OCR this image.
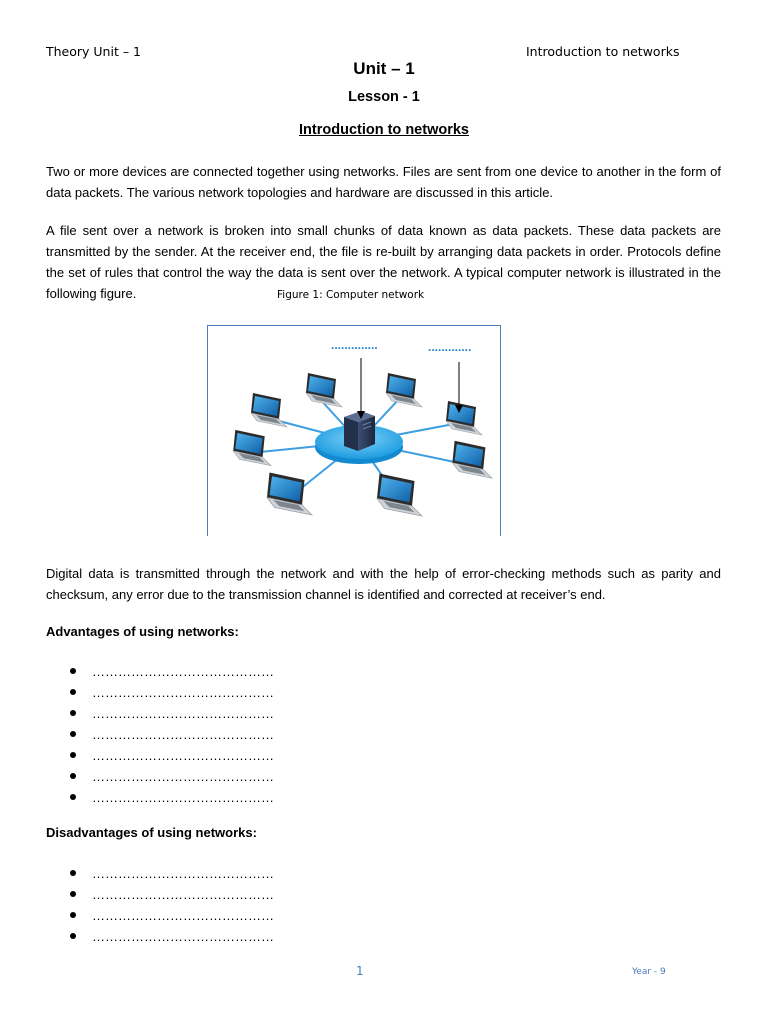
Theory Unit – 1	Introduction to networks
Unit – 1
Lesson - 1
Introduction to networks
Two or more devices are connected together using networks. Files are sent from one device to another in the form of data packets. The various network topologies and hardware are discussed in this article.
A file sent over a network is broken into small chunks of data known as data packets. These data packets are transmitted by the sender. At the receiver end, the file is re-built by arranging data packets in order. Protocols define the set of rules that control the way the data is sent over the network. A typical computer network is illustrated in the following figure.	Figure 1: Computer network
..............	.............
Digital data is transmitted through the network and with the help of error-checking methods such as parity and checksum, any error due to the transmission channel is identified and corrected at receiver’s end.
Advantages of using networks:
……………………………………
……………………………………
……………………………………
……………………………………
……………………………………
……………………………………
……………………………………
Disadvantages of using networks:
……………………………………
……………………………………
……………………………………
……………………………………
1	Year - 9
